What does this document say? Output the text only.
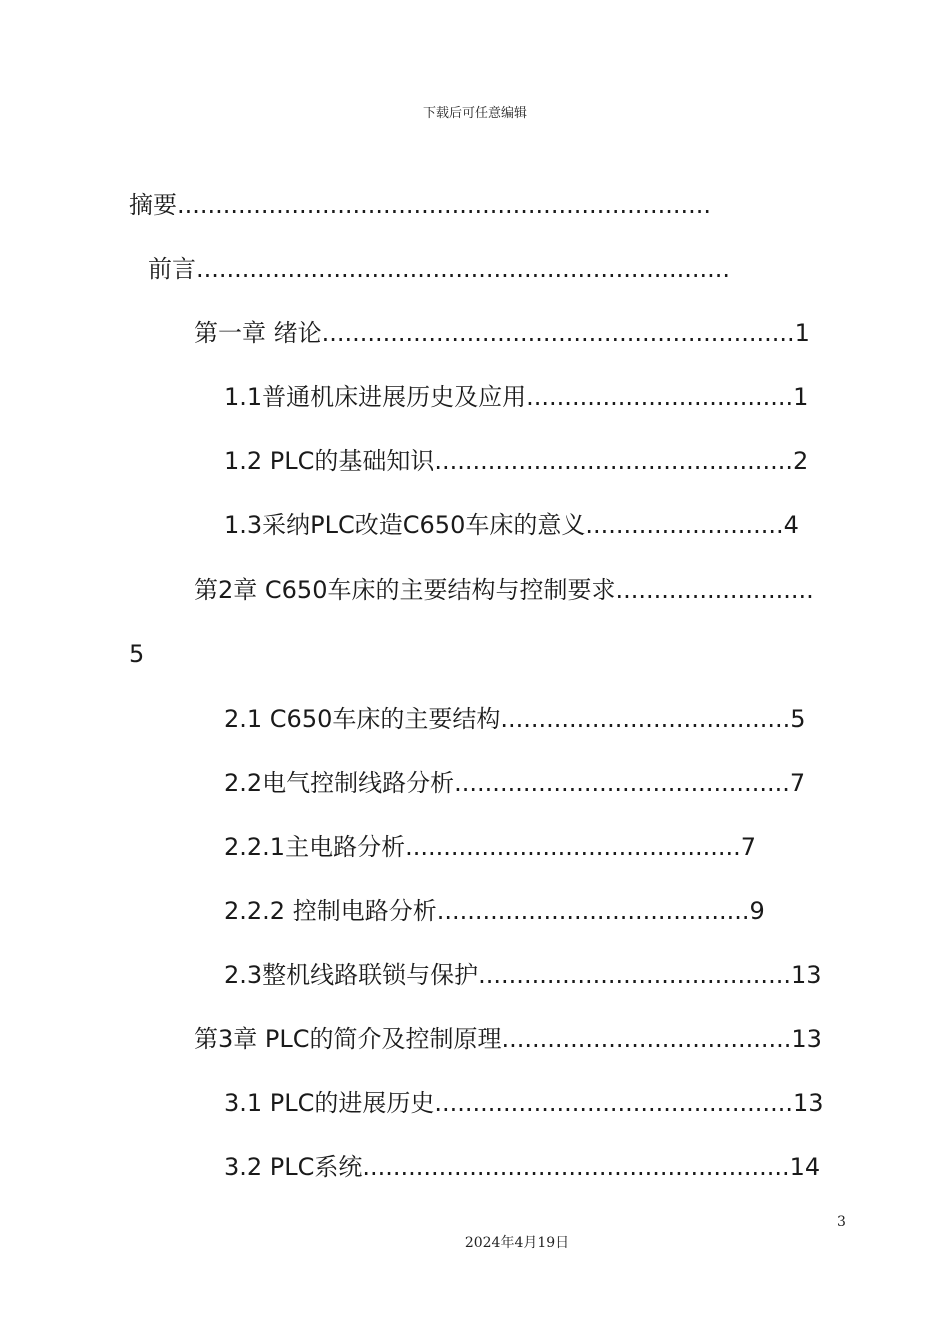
下载后可任意编辑
摘要......................................................................
前言......................................................................
第一章 绪论..............................................................1
1.1普通机床进展历史及应用...................................1
1.2 PLC的基础知识...............................................2
1.3采纳PLC改造C650车床的意义..........................4
第2章 C650车床的主要结构与控制要求..........................
5
2.1 C650车床的主要结构......................................5
2.2电气控制线路分析............................................7
2.2.1主电路分析............................................7
2.2.2 控制电路分析.........................................9
2.3整机线路联锁与保护.........................................13
第3章 PLC的简介及控制原理......................................13
3.1 PLC的进展历史...............................................13
3.2 PLC系统........................................................14
3
2024年4月19日
